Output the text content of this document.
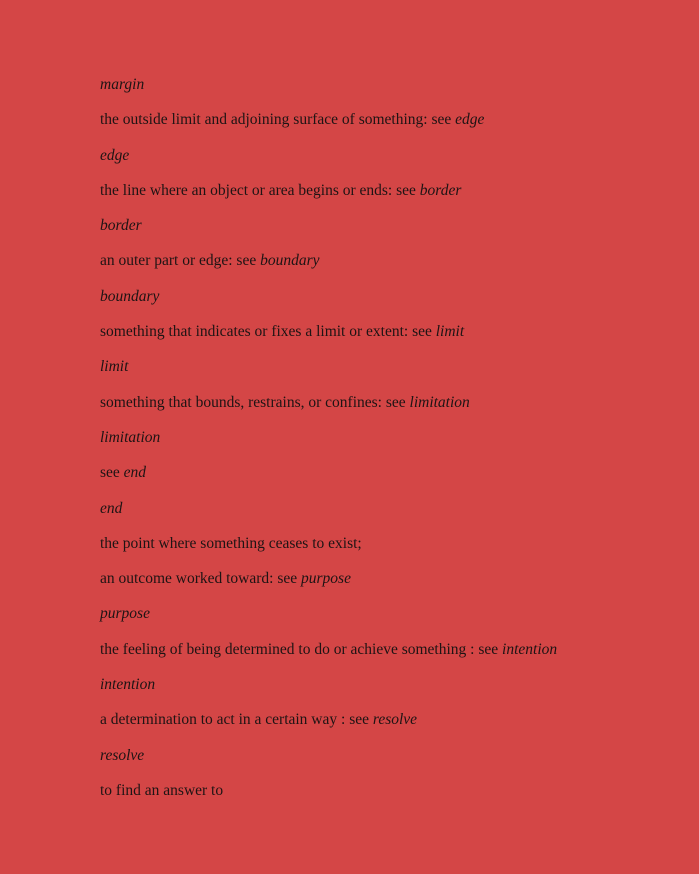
margin
the outside limit and adjoining surface of something: see edge
edge
the line where an object or area begins or ends: see border
border
an outer part or edge: see boundary
boundary
something that indicates or fixes a limit or extent: see limit
limit
something that bounds, restrains, or confines: see limitation
limitation
see end
end
the point where something ceases to exist;
an outcome worked toward: see purpose
purpose
the feeling of being determined to do or achieve something : see intention
intention
a determination to act in a certain way : see resolve
resolve
to find an answer to
